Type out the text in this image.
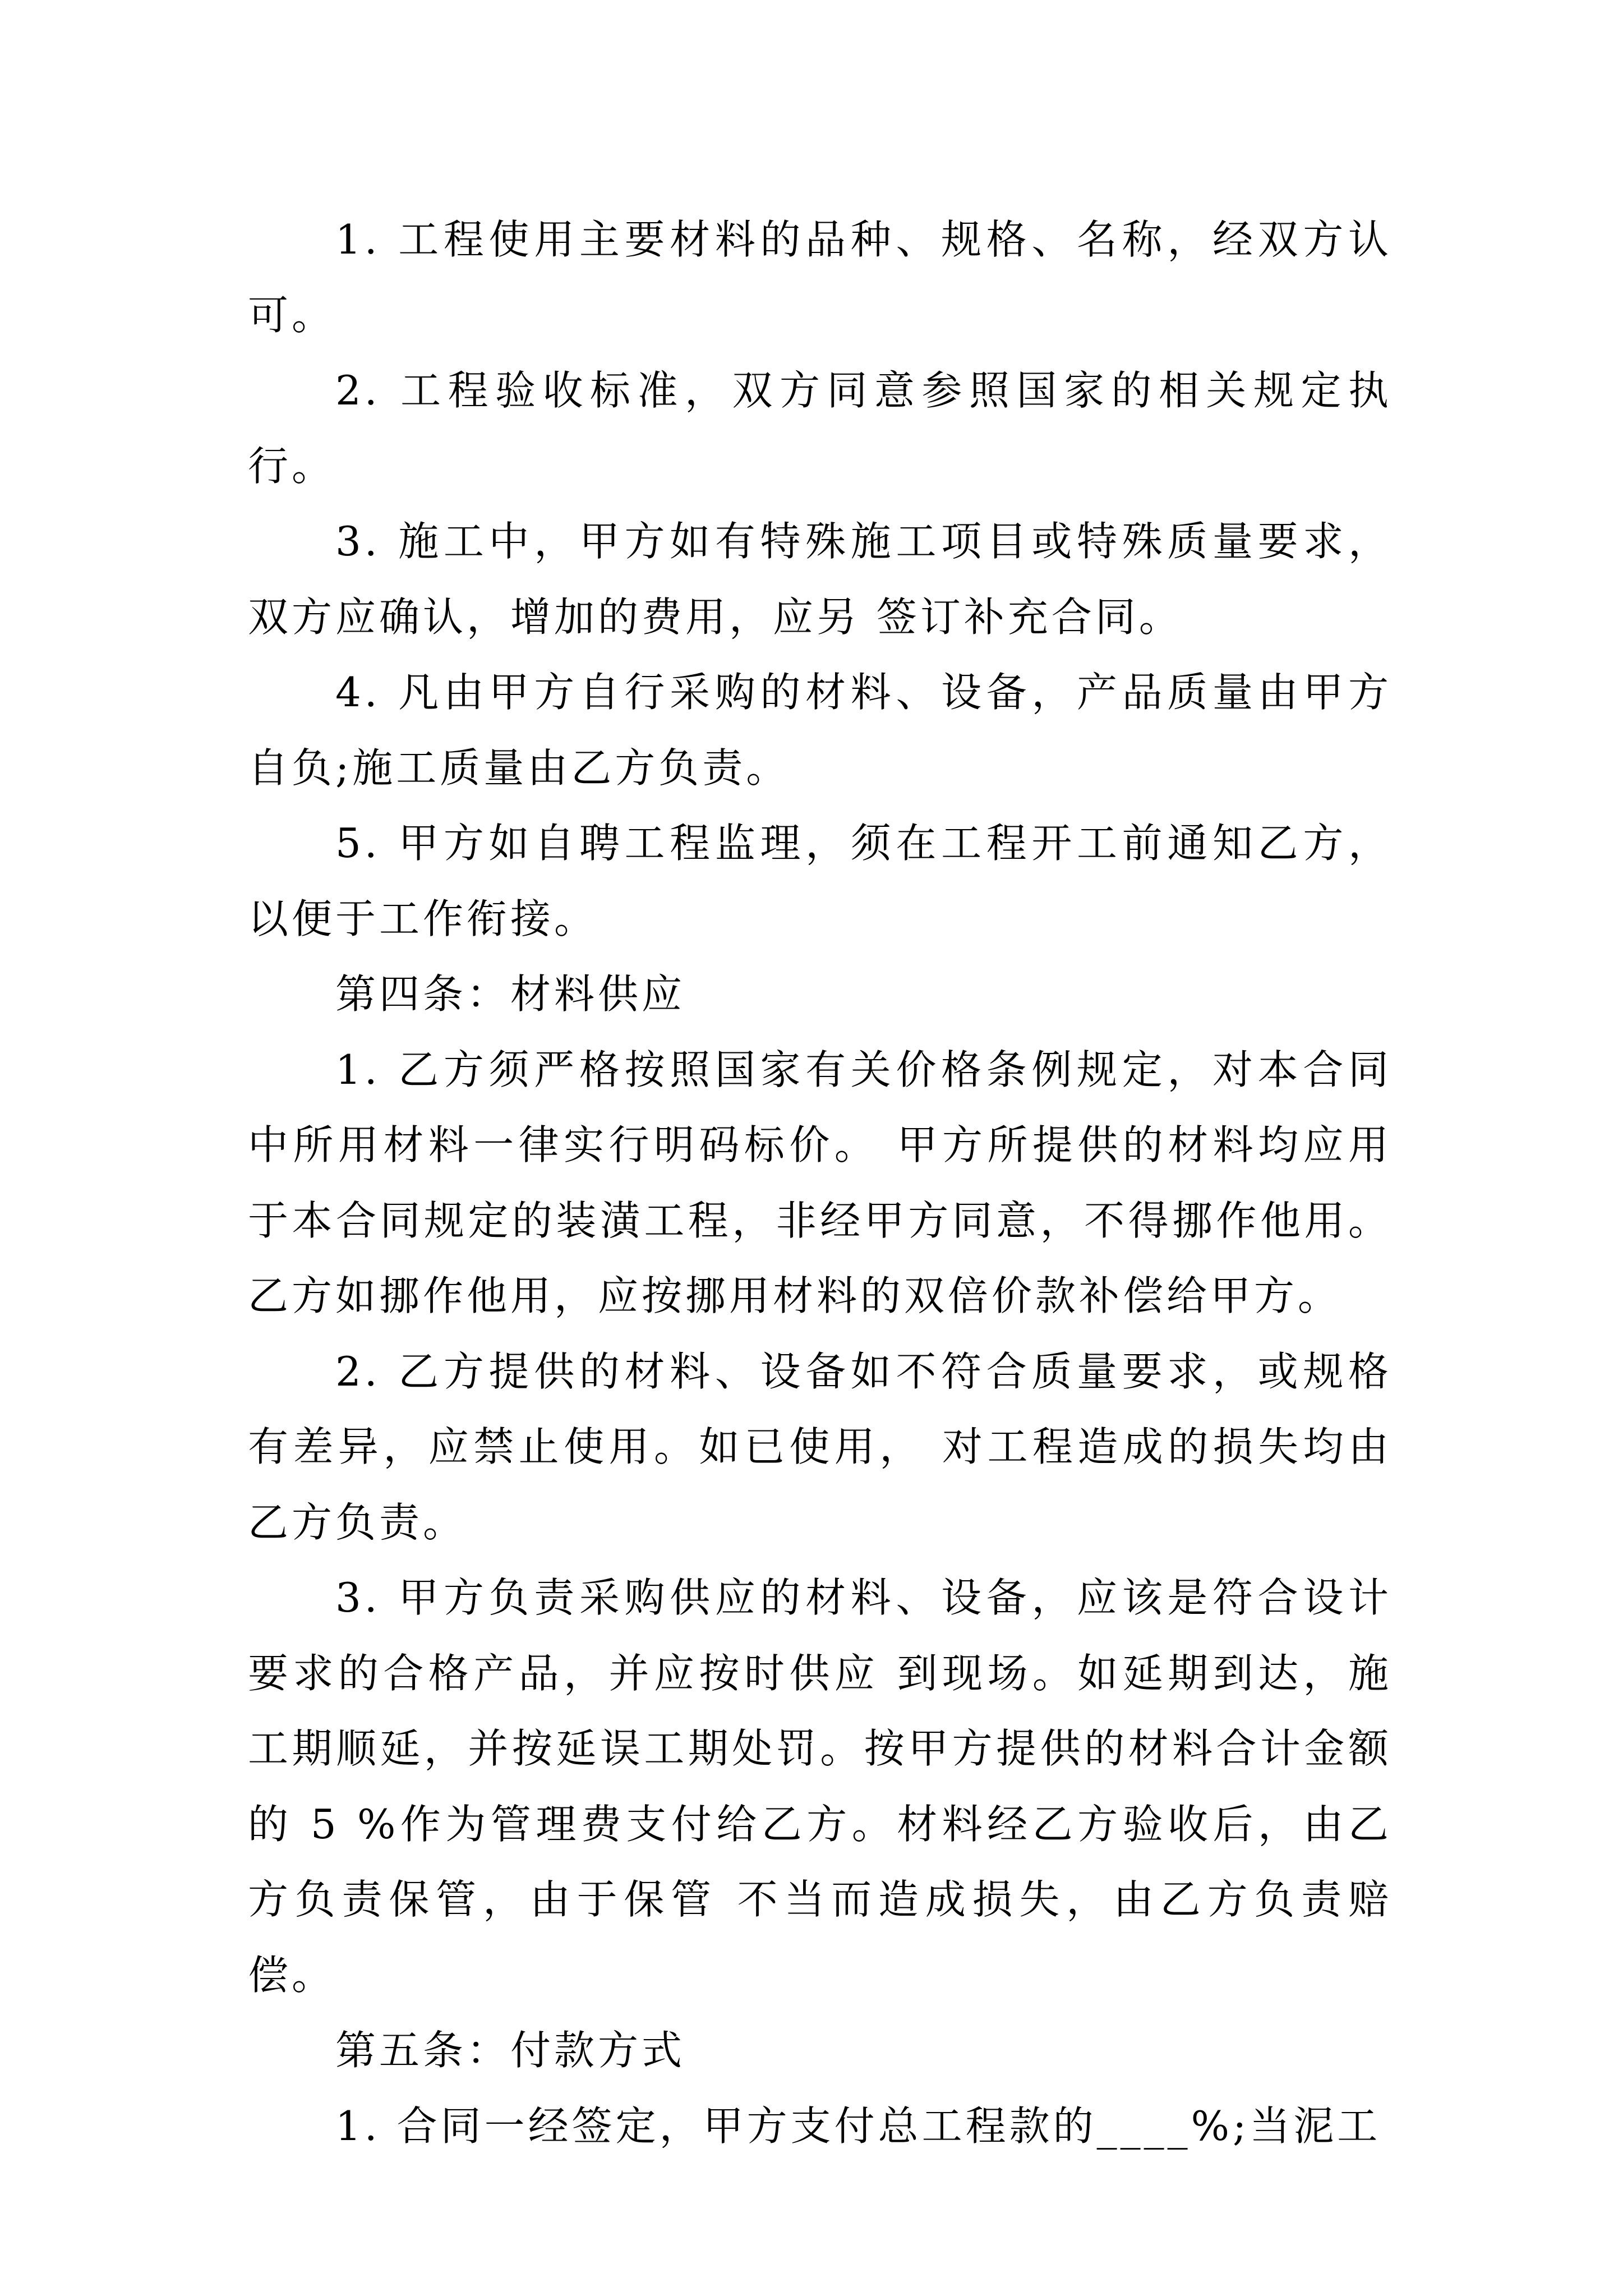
1. 工程使用主要材料的品种、规格、名称，经双方认可。

2. 工程验收标准，双方同意参照国家的相关规定执行。

3. 施工中，甲方如有特殊施工项目或特殊质量要求，双方应确认，增加的费用，应另 签订补充合同。

4. 凡由甲方自行采购的材料、设备，产品质量由甲方自负;施工质量由乙方负责。

5. 甲方如自聘工程监理，须在工程开工前通知乙方，以便于工作衔接。

第四条：材料供应

1. 乙方须严格按照国家有关价格条例规定，对本合同中所用材料一律实行明码标价。 甲方所提供的材料均应用于本合同规定的装潢工程，非经甲方同意，不得挪作他用。乙方如挪作他用，应按挪用材料的双倍价款补偿给甲方。

2. 乙方提供的材料、设备如不符合质量要求，或规格有差异，应禁止使用。如已使用， 对工程造成的损失均由乙方负责。

3. 甲方负责采购供应的材料、设备，应该是符合设计要求的合格产品，并应按时供应 到现场。如延期到达，施工期顺延，并按延误工期处罚。按甲方提供的材料合计金额的 5 %作为管理费支付给乙方。材料经乙方验收后，由乙方负责保管，由于保管 不当而造成损失，由乙方负责赔偿。

第五条：付款方式

1. 合同一经签定，甲方支付总工程款的____%;当泥工
